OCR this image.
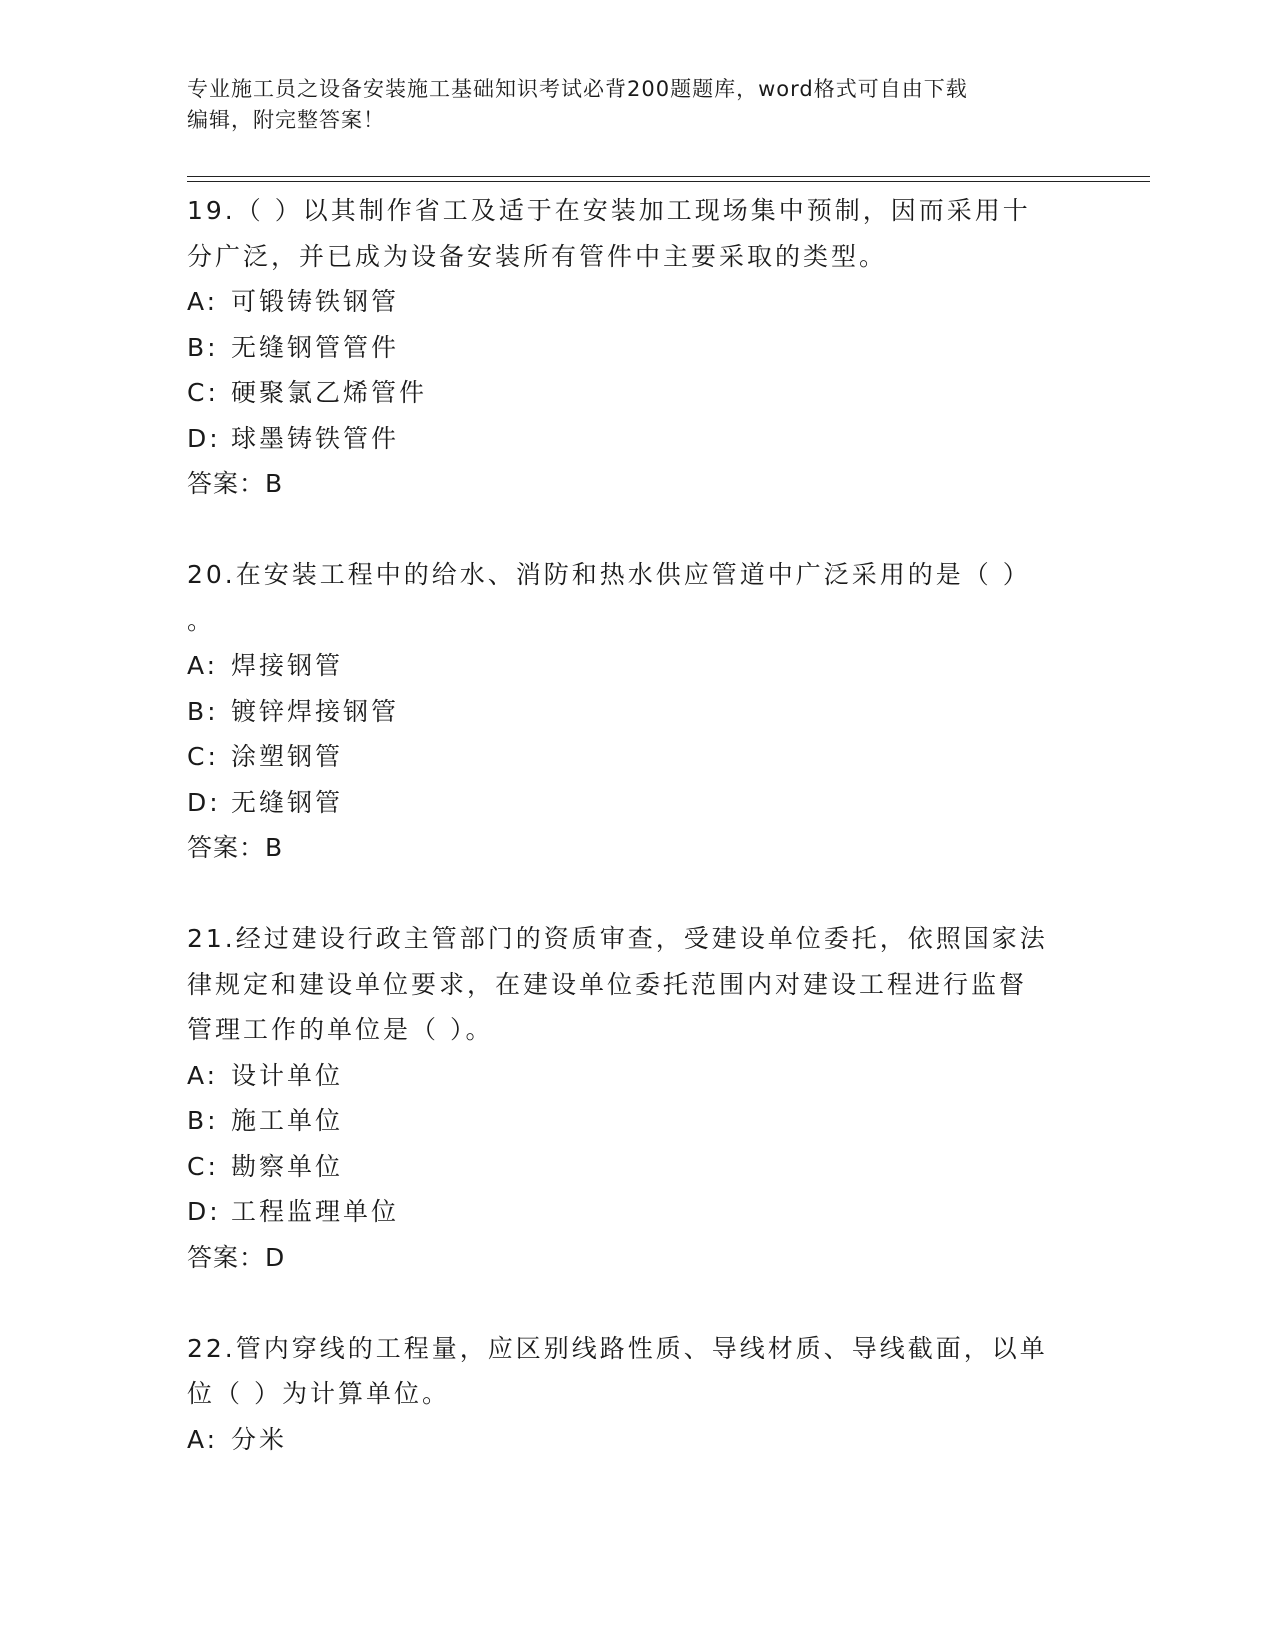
专业施工员之设备安装施工基础知识考试必背200题题库，word格式可自由下载
编辑，附完整答案！
19.（ ）以其制作省工及适于在安装加工现场集中预制，因而采用十
分广泛，并已成为设备安装所有管件中主要采取的类型。
A: 可锻铸铁钢管
B: 无缝钢管管件
C: 硬聚氯乙烯管件
D: 球墨铸铁管件
答案：B
20.在安装工程中的给水、消防和热水供应管道中广泛采用的是（ ）
。
A: 焊接钢管
B: 镀锌焊接钢管
C: 涂塑钢管
D: 无缝钢管
答案：B
21.经过建设行政主管部门的资质审查，受建设单位委托，依照国家法
律规定和建设单位要求，在建设单位委托范围内对建设工程进行监督
管理工作的单位是（ ）。
A: 设计单位
B: 施工单位
C: 勘察单位
D: 工程监理单位
答案：D
22.管内穿线的工程量，应区别线路性质、导线材质、导线截面，以单
位（ ）为计算单位。
A: 分米
